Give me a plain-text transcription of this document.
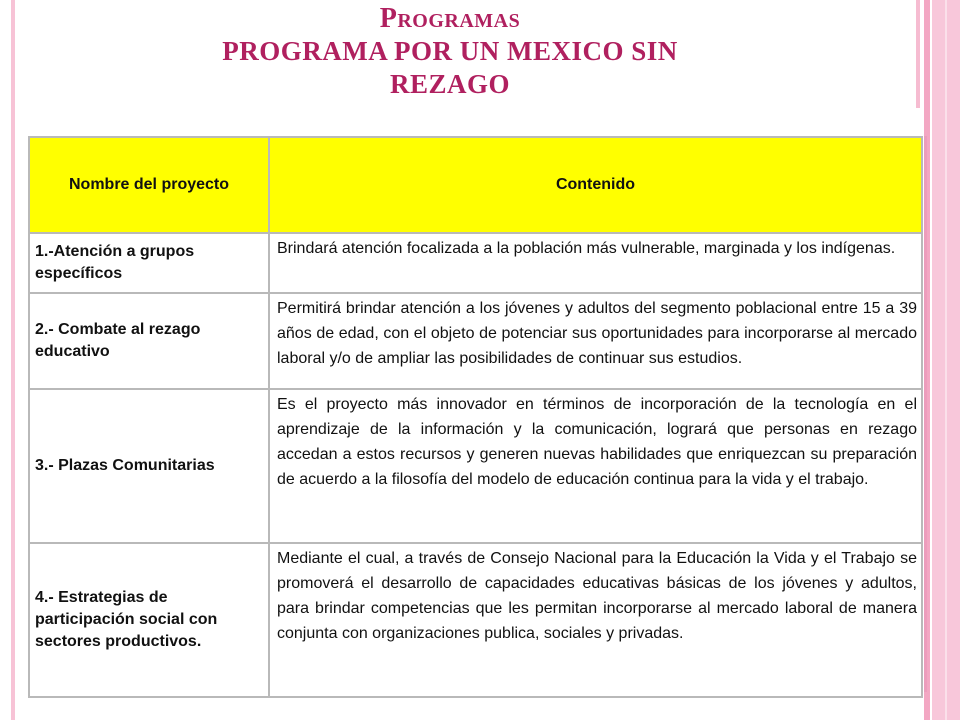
Programas
PROGRAMA POR UN MEXICO SIN
REZAGO
Nombre del proyecto	Contenido
1.-Atención a grupos específicos	Brindará atención focalizada a la población más vulnerable, marginada y los indígenas.
2.- Combate al rezago educativo	Permitirá brindar atención a los jóvenes y adultos del segmento poblacional entre 15 a 39 años de edad, con el objeto de potenciar sus oportunidades para incorporarse al mercado laboral y/o de ampliar las posibilidades de continuar sus estudios.
3.- Plazas Comunitarias	Es el proyecto más innovador en términos de incorporación de la tecnología en el aprendizaje de la información y la comunicación, logrará que personas en rezago accedan a estos recursos y generen nuevas habilidades que enriquezcan su preparación de acuerdo a la filosofía del modelo de educación continua para la vida y el trabajo.
4.- Estrategias de participación social con sectores productivos.	Mediante el cual, a través de Consejo Nacional para la Educación la Vida y el Trabajo se promoverá el desarrollo de capacidades educativas básicas de los jóvenes y adultos, para brindar competencias que les permitan incorporarse al mercado laboral de manera conjunta con organizaciones publica, sociales y privadas.
